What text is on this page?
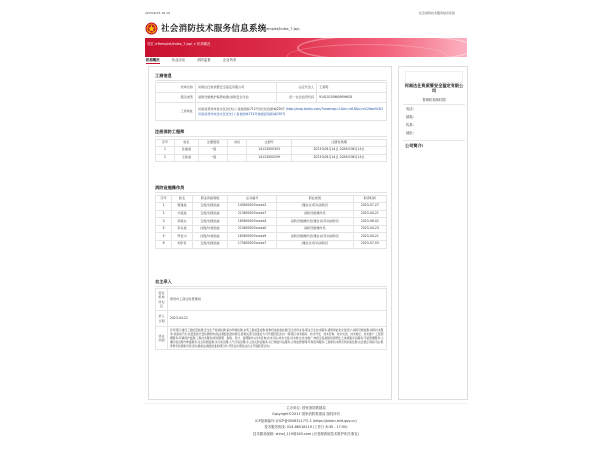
2023/6/15 16:19	社会消防技术服务信息系统
社会消防技术服务信息系统
cftemplet/index_7.jsp\
首页 /cftemplet/index_7.jsp\ > 机构概况
机构概况	执业活动	消防监督	企业风采
工商信息
机构名称	河南达仕资质管安全鉴定有限公司	法定代表人	王某明
服务类型	消防设施维护保养检测;消防安全评估	统一社会信用代码	91410100MA9RH6C8
工商地址	河南省郑州市金水区(优先) / 美食园林712号(优先)创新城2307 (http://map.baidu.com/?newmap=1&ie=utf-8&s=s%26wd%3D河南省郑州市金水区优先) / 美食园林712号楼楼层创新城2307)		
注册消防工程师
序号	姓名	注册级别	岗位	注册号	注册有效期
1	张建美	一级		14123000303	2023年06月14日-2026年06月14日
2	王新美	一级		14123000299	2023年06月14日-2026年06月14日
消防设施操作员
序号	姓名	职业资格等级	证书编号	职业类别	取得时间
1	周建美	五级/初级技能	14360030?xxxxx2	(维)(书)劳动消防员	2023-07-27
2	方铭美	五级/初级技能	21360030?xxxxx7	消防设施操作员	2023-04-21
3	李铭女	五级/初级技能	18360030?xxxxx4	消防设施操作员(维)(书)劳动消防员	2023-06-02
4	李从美	四级/中级技能	21360030?xxxxx0	消防设施操作员	2023-04-23
5	罗金川	四级/中级技能	18360030?xxxxx9	消防设施操作员(维)(书)劳动消防员	2023-04-21
6	刘学有	五级/初级技能	17360030?xxxxx7	(维)(书)劳动消防员	2023-07-03
自主录入
营业机构所在区	郑州市工商行政管理局
录入日期	2023-04-21
执业范围	许可项目:建设工程质量检测;安全生产检验检测;室内环境检测;水利工程质量检测;特种设备检验检测;安全评价业务;职业卫生技术服务;建筑智能化系统设计;消防设施检测;消防技术服务;档案电子化;质量监控计量检测机构(依法须经批准的项目,经相关部门批准后方可开展经营活动)一般项目:技术服务、技术开发、技术咨询、技术交流、技术转让、技术推广;工程管理服务;环境保护监测;工程技术服务(规划管理、勘察、设计、监理除外);技术咨询;技术评估;技术交流;技术转让;技术推广;电机及其控制系统研发;土地调查评估服务;节能管理服务;土壤污染治理与修复服务;生态资源监测;水污染治理;大气污染治理;水土流失防治服务;运行效能评估服务;合同能源管理;环保咨询服务;工程和技术研究和试验发展;社会稳定风险评估;教育教学检测和评价活动(除依法须经批准的项目外,凭营业执照依法自主开展经营活动)
河南达仕资质管安全鉴定有限公司
暂缓机构现时期
电话:
邮箱:
传真:
地址:
公司简介:
主办单位: 国家消防救援局
Copyright©2011 国家消防救援局 版权所有
ICP备案编号:京ICP备05063117号-2 (https://beian.miit.gov.cn)
技术服务热线: 024-86518119 (工作日 8:30 - 17:00)
技术服务邮箱: shhxf_119@163.com (仅受理系统技术维护相关事宜)
